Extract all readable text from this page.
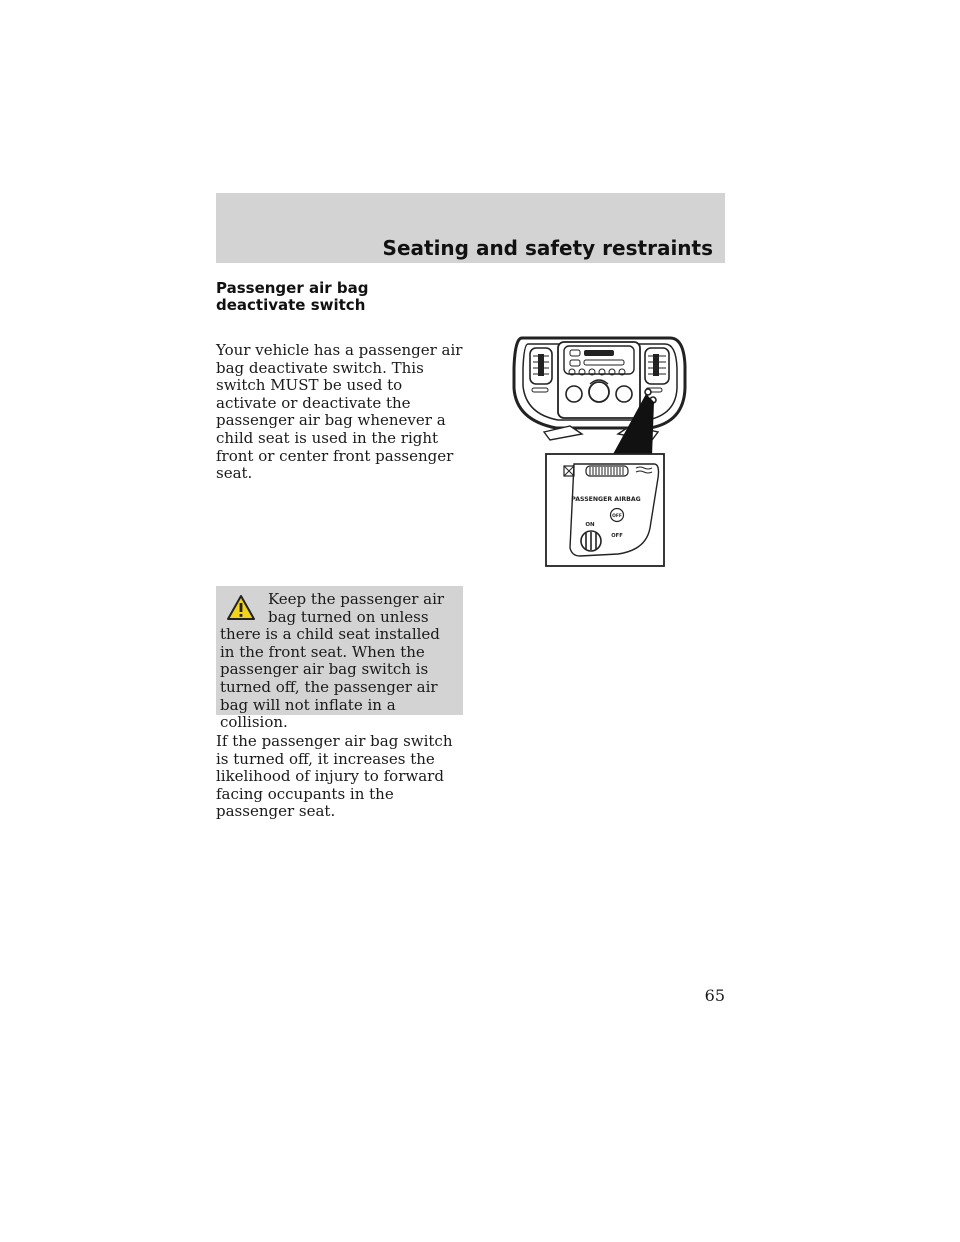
Seating and safety restraints
Passenger air bag deactivate switch

Your vehicle has a passenger air bag deactivate switch. This switch MUST be used to activate or deactivate the passenger air bag whenever a child seat is used in the right front or center front passenger seat.

Keep the passenger air bag turned on unless there is a child seat installed in the front seat. When the passenger air bag switch is turned off, the passenger air bag will not inflate in a collision.

If the passenger air bag switch is turned off, it increases the likelihood of injury to forward facing occupants in the passenger seat.

PASSENGER AIRBAG
ON
OFF
OFF

65
